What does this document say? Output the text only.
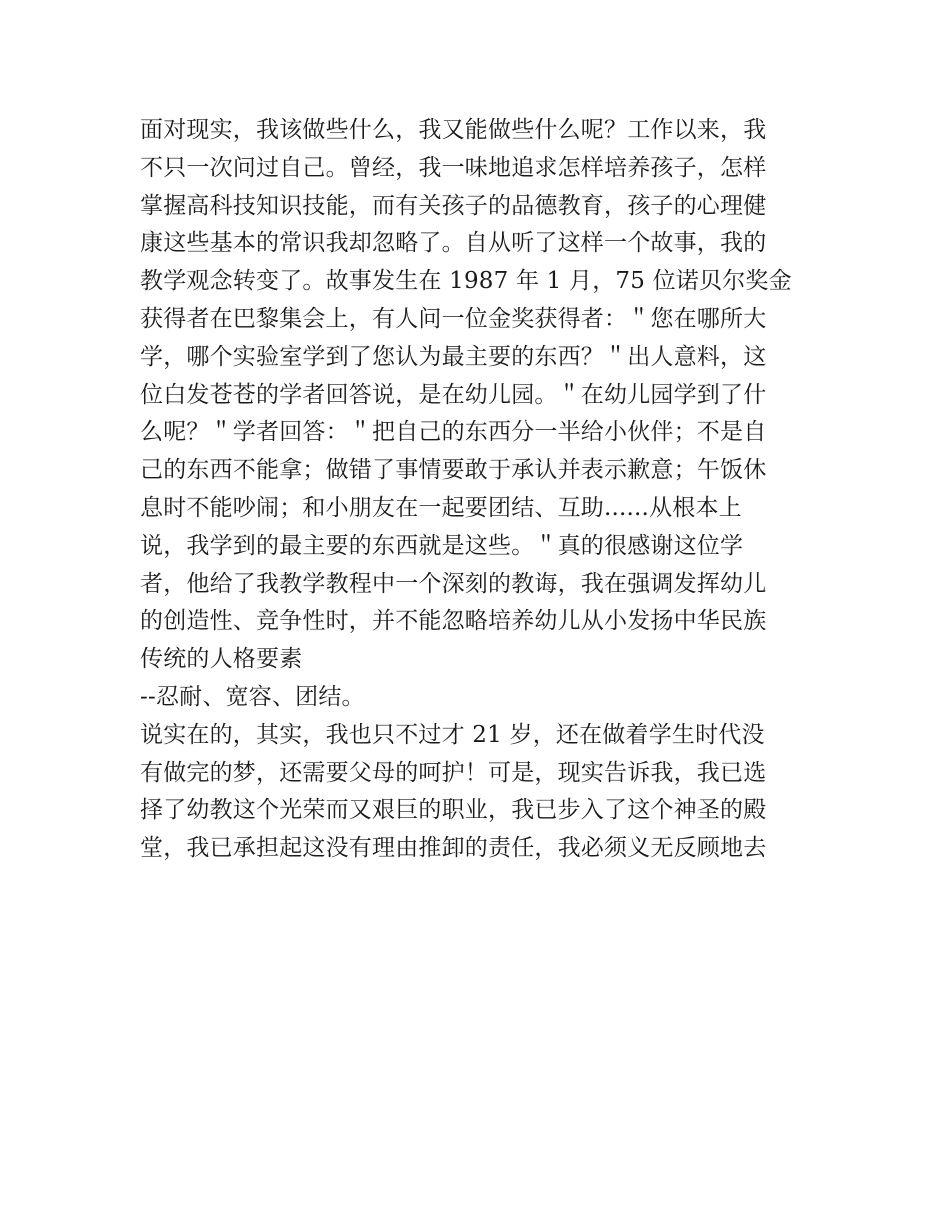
面对现实，我该做些什么，我又能做些什么呢？工作以来，我
不只一次问过自己。曾经，我一味地追求怎样培养孩子，怎样
掌握高科技知识技能，而有关孩子的品德教育，孩子的心理健
康这些基本的常识我却忽略了。自从听了这样一个故事，我的
教学观念转变了。故事发生在 1987 年 1 月，75 位诺贝尔奖金
获得者在巴黎集会上，有人问一位金奖获得者：＂您在哪所大
学，哪个实验室学到了您认为最主要的东西？＂出人意料，这
位白发苍苍的学者回答说，是在幼儿园。＂在幼儿园学到了什
么呢？＂学者回答：＂把自己的东西分一半给小伙伴；不是自
己的东西不能拿；做错了事情要敢于承认并表示歉意；午饭休
息时不能吵闹；和小朋友在一起要团结、互助......从根本上
说，我学到的最主要的东西就是这些。＂真的很感谢这位学
者，他给了我教学教程中一个深刻的教诲，我在强调发挥幼儿
的创造性、竞争性时，并不能忽略培养幼儿从小发扬中华民族
传统的人格要素
--忍耐、宽容、团结。
说实在的，其实，我也只不过才 21 岁，还在做着学生时代没
有做完的梦，还需要父母的呵护！可是，现实告诉我，我已选
择了幼教这个光荣而又艰巨的职业，我已步入了这个神圣的殿
堂，我已承担起这没有理由推卸的责任，我必须义无反顾地去
